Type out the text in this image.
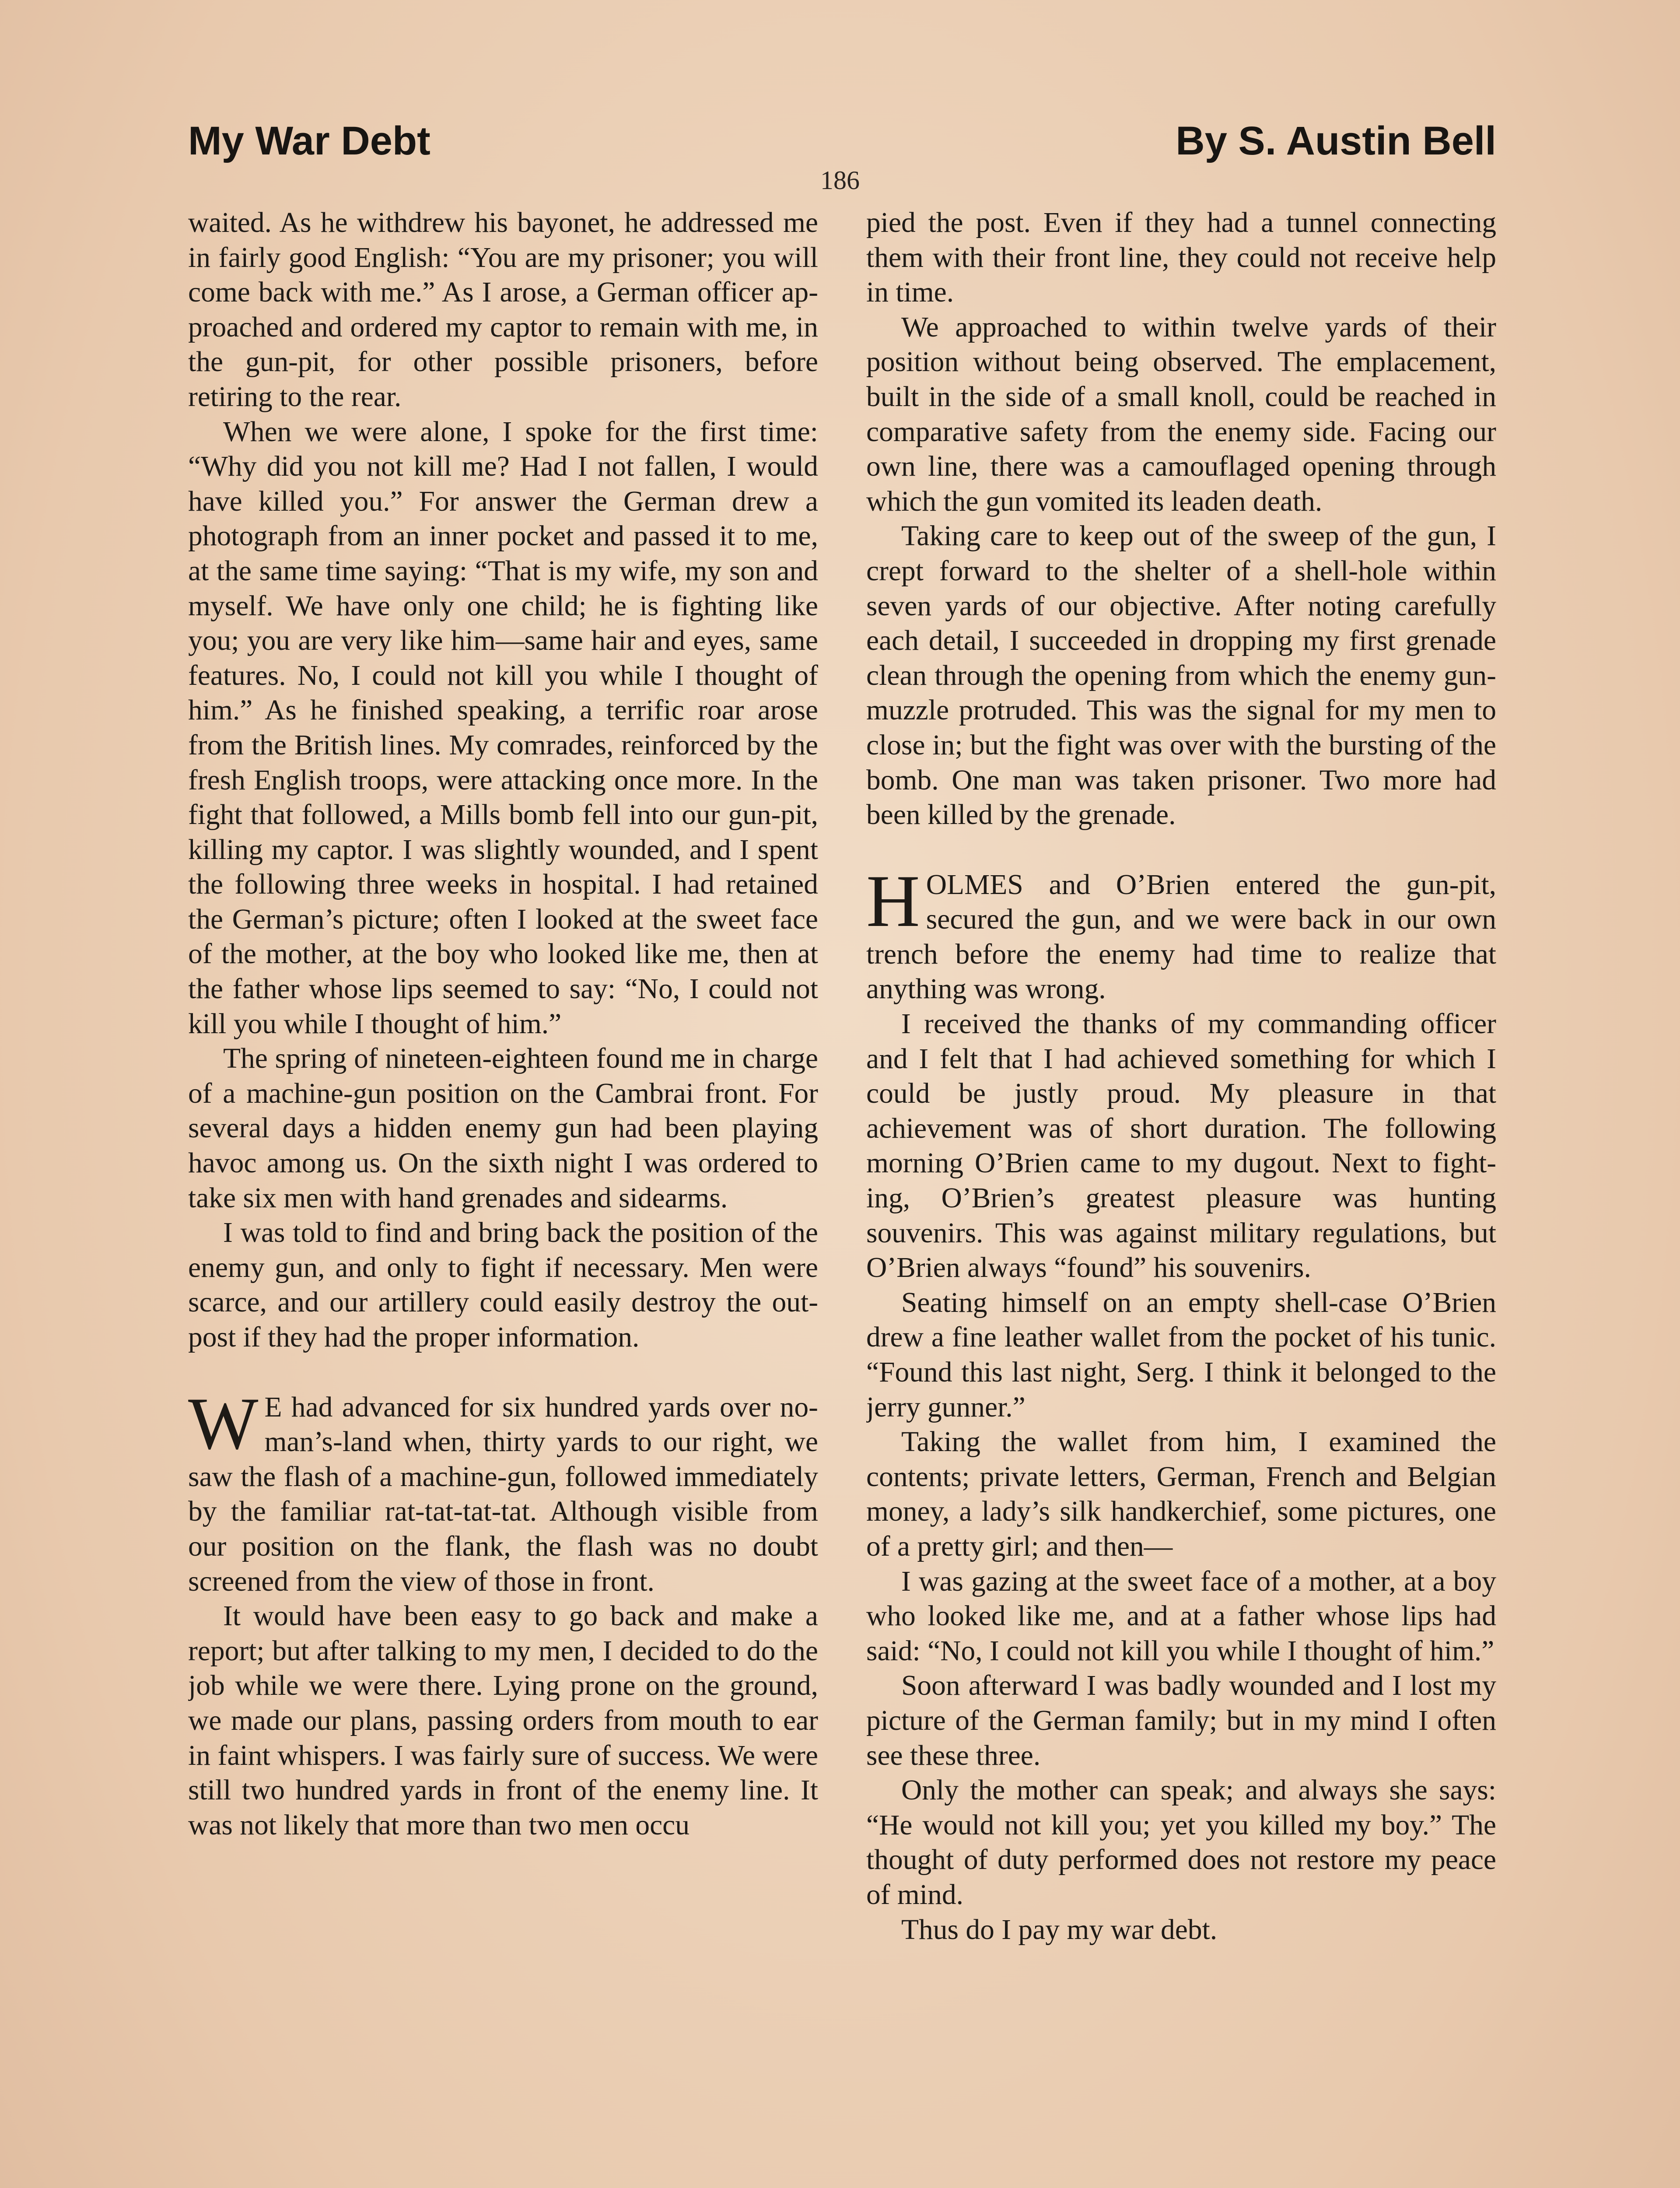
My War Debt	By S. Austin Bell
186

waited. As he withdrew his bayonet, he addressed me in fairly good English: “You are my prisoner; you will come back with me.” As I arose, a German officer approached and ordered my captor to remain with me, in the gun-pit, for other possible prisoners, before retiring to the rear.

When we were alone, I spoke for the first time: “Why did you not kill me? Had I not fallen, I would have killed you.” For answer the German drew a photograph from an inner pocket and passed it to me, at the same time saying: “That is my wife, my son and myself. We have only one child; he is fighting like you; you are very like him—same hair and eyes, same features. No, I could not kill you while I thought of him.” As he finished speaking, a terrific roar arose from the British lines. My comrades, reinforced by the fresh English troops, were attacking once more. In the fight that followed, a Mills bomb fell into our gun-pit, killing my captor. I was slightly wounded, and I spent the following three weeks in hospital. I had retained the German’s picture; often I looked at the sweet face of the mother, at the boy who looked like me, then at the father whose lips seemed to say: “No, I could not kill you while I thought of him.”

The spring of nineteen-eighteen found me in charge of a machine-gun position on the Cambrai front. For several days a hidden enemy gun had been playing havoc among us. On the sixth night I was ordered to take six men with hand grenades and sidearms.

I was told to find and bring back the position of the enemy gun, and only to fight if necessary. Men were scarce, and our artillery could easily destroy the outpost if they had the proper information.

WE had advanced for six hundred yards over no-man’s-land when, thirty yards to our right, we saw the flash of a machine-gun, followed immediately by the familiar rat-tat-tat-tat. Although visible from our position on the flank, the flash was no doubt screened from the view of those in front.

It would have been easy to go back and make a report; but after talking to my men, I decided to do the job while we were there. Lying prone on the ground, we made our plans, passing orders from mouth to ear in faint whispers. I was fairly sure of success. We were still two hundred yards in front of the enemy line. It was not likely that more than two men occu

pied the post. Even if they had a tunnel connecting them with their front line, they could not receive help in time.

We approached to within twelve yards of their position without being observed. The emplacement, built in the side of a small knoll, could be reached in comparative safety from the enemy side. Facing our own line, there was a camouflaged opening through which the gun vomited its leaden death.

Taking care to keep out of the sweep of the gun, I crept forward to the shelter of a shell-hole within seven yards of our objective. After noting carefully each detail, I succeeded in dropping my first grenade clean through the opening from which the enemy gun-muzzle protruded. This was the signal for my men to close in; but the fight was over with the bursting of the bomb. One man was taken prisoner. Two more had been killed by the grenade.

HOLMES and O’Brien entered the gun-pit, secured the gun, and we were back in our own trench before the enemy had time to realize that anything was wrong.

I received the thanks of my commanding officer and I felt that I had achieved something for which I could be justly proud. My pleasure in that achievement was of short duration. The following morning O’Brien came to my dugout. Next to fighting, O’Brien’s greatest pleasure was hunting souvenirs. This was against military regulations, but O’Brien always “found” his souvenirs.

Seating himself on an empty shell-case O’Brien drew a fine leather wallet from the pocket of his tunic. “Found this last night, Serg. I think it belonged to the jerry gunner.”

Taking the wallet from him, I examined the contents; private letters, German, French and Belgian money, a lady’s silk handkerchief, some pictures, one of a pretty girl; and then—

I was gazing at the sweet face of a mother, at a boy who looked like me, and at a father whose lips had said: “No, I could not kill you while I thought of him.”

Soon afterward I was badly wounded and I lost my picture of the German family; but in my mind I often see these three.

Only the mother can speak; and always she says: “He would not kill you; yet you killed my boy.” The thought of duty performed does not restore my peace of mind.

Thus do I pay my war debt.
